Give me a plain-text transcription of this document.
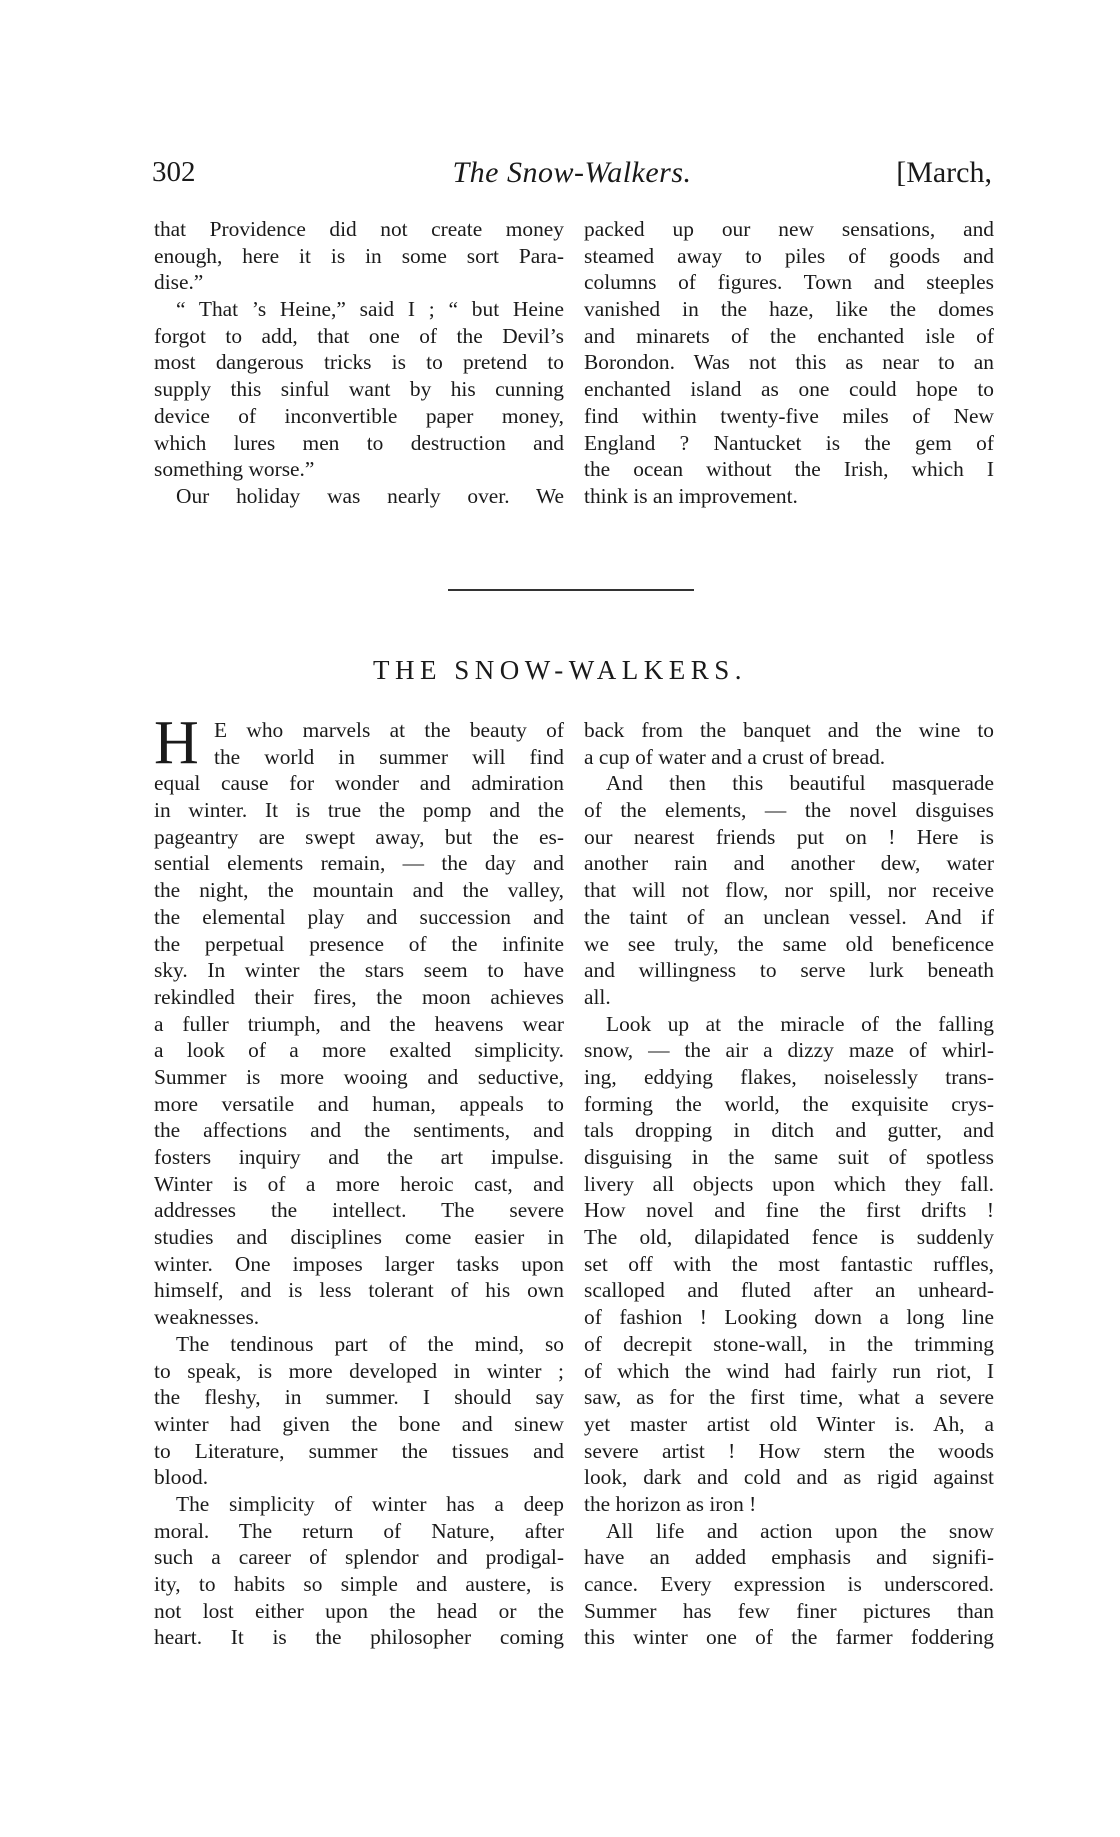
302	The Snow-Walkers.	[March,
that Providence did not create money
enough, here it is in some sort Para-
dise.”
“ That ’s Heine,” said I ; “ but Heine
forgot to add, that one of the Devil’s
most dangerous tricks is to pretend to
supply this sinful want by his cunning
device of inconvertible paper money,
which lures men to destruction and
something worse.”
Our holiday was nearly over. We
packed up our new sensations, and
steamed away to piles of goods and
columns of figures. Town and steeples
vanished in the haze, like the domes
and minarets of the enchanted isle of
Borondon. Was not this as near to an
enchanted island as one could hope to
find within twenty-five miles of New
England ? Nantucket is the gem of
the ocean without the Irish, which I
think is an improvement.
THE SNOW-WALKERS.
H E who marvels at the beauty of
the world in summer will find
equal cause for wonder and admiration
in winter. It is true the pomp and the
pageantry are swept away, but the es-
sential elements remain, — the day and
the night, the mountain and the valley,
the elemental play and succession and
the perpetual presence of the infinite
sky. In winter the stars seem to have
rekindled their fires, the moon achieves
a fuller triumph, and the heavens wear
a look of a more exalted simplicity.
Summer is more wooing and seductive,
more versatile and human, appeals to
the affections and the sentiments, and
fosters inquiry and the art impulse.
Winter is of a more heroic cast, and
addresses the intellect. The severe
studies and disciplines come easier in
winter. One imposes larger tasks upon
himself, and is less tolerant of his own
weaknesses.
The tendinous part of the mind, so
to speak, is more developed in winter ;
the fleshy, in summer. I should say
winter had given the bone and sinew
to Literature, summer the tissues and
blood.
The simplicity of winter has a deep
moral. The return of Nature, after
such a career of splendor and prodigal-
ity, to habits so simple and austere, is
not lost either upon the head or the
heart. It is the philosopher coming
back from the banquet and the wine to
a cup of water and a crust of bread.
And then this beautiful masquerade
of the elements, — the novel disguises
our nearest friends put on ! Here is
another rain and another dew, water
that will not flow, nor spill, nor receive
the taint of an unclean vessel. And if
we see truly, the same old beneficence
and willingness to serve lurk beneath
all.
Look up at the miracle of the falling
snow, — the air a dizzy maze of whirl-
ing, eddying flakes, noiselessly trans-
forming the world, the exquisite crys-
tals dropping in ditch and gutter, and
disguising in the same suit of spotless
livery all objects upon which they fall.
How novel and fine the first drifts !
The old, dilapidated fence is suddenly
set off with the most fantastic ruffles,
scalloped and fluted after an unheard-
of fashion ! Looking down a long line
of decrepit stone-wall, in the trimming
of which the wind had fairly run riot, I
saw, as for the first time, what a severe
yet master artist old Winter is. Ah, a
severe artist ! How stern the woods
look, dark and cold and as rigid against
the horizon as iron !
All life and action upon the snow
have an added emphasis and signifi-
cance. Every expression is underscored.
Summer has few finer pictures than
this winter one of the farmer foddering
